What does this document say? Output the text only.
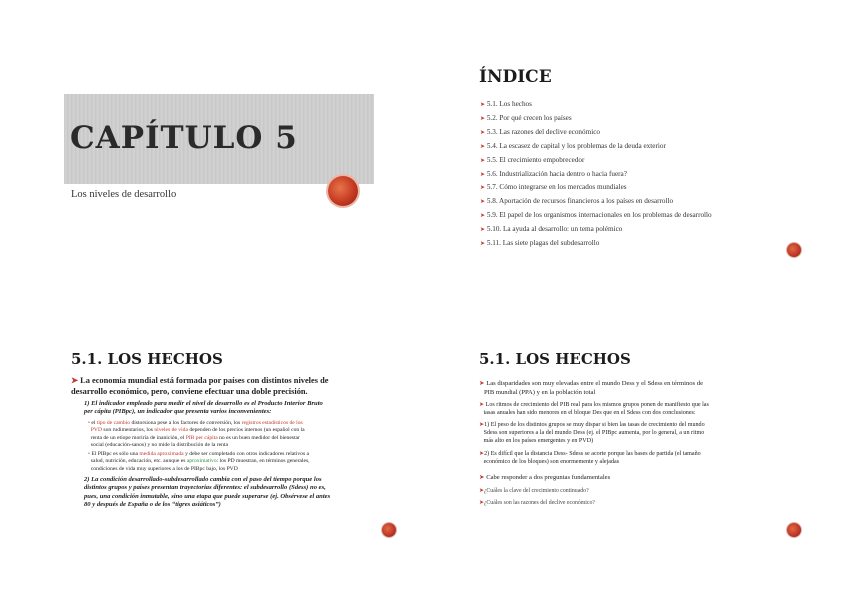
CAPÍTULO 5
Los niveles de desarrollo
ÍNDICE
➤ 5.1. Los hechos
➤ 5.2. Por qué crecen los países
➤ 5.3. Las razones del declive económico
➤ 5.4. La escasez de capital y los problemas de la deuda exterior
➤ 5.5. El crecimiento empobrecedor
➤ 5.6. Industrialización hacia dentro o hacia fuera?
➤ 5.7. Cómo integrarse en los mercados mundiales
➤ 5.8. Aportación de recursos financieros a los países en desarrollo
➤ 5.9. El papel de los organismos internacionales en los problemas de desarrollo
➤ 5.10. La ayuda al desarrollo: un tema polémico
➤ 5.11. Las siete plagas del subdesarrollo
5.1. LOS HECHOS
➤ La economía mundial está formada por países con distintos niveles de
desarrollo económico, pero, conviene efectuar una doble precisión.
1) El indicador empleado para medir el nivel de desarrollo es el Producto Interior Bruto
per cápita (PIBpc), un indicador que presenta varios inconvenientes:
• el tipo de cambio distorsiona pese a los factores de conversión, los registros estadísticos de los
PVD son rudimentarios, los niveles de vida dependen de los precios internos (un español con la
renta de un etíope moriría de inanición, el PIB per cápita no es un buen medidor del bienestar
social (educación-sanos) y no mide la distribución de la renta
• El PIBpc es sólo una medida aproximada y debe ser completado con otros indicadores relativos a
salud, nutrición, educación, etc. aunque es aproximativo: los PD muestran, en términos generales,
condiciones de vida muy superiores a los de PIBpc bajo, los PVD
2) La condición desarrollado-subdesarrollado cambia con el paso del tiempo porque los
distintos grupos y países presentan trayectorias diferentes: el subdesarrollo (Sdess) no es,
pues, una condición inmutable, sino una etapa que puede superarse (ej. Obsérvese el antes
80 y después de España o de los “tigres asiáticos”)
5.1. LOS HECHOS
➤ Las disparidades son muy elevadas entre el mundo Dess y el Sdess en términos de
PIB mundial (PPA) y en la población total
➤ Los ritmos de crecimiento del PIB real para los mismos grupos ponen de manifiesto que las
tasas anuales han sido menores en el bloque Des que en el Sdess con dos conclusiones:
➤1) El peso de los distintos grupos se muy dispar si bien las tasas de crecimiento del mundo
Sdess son superiores a la del mundo Dess (ej. el PIBpc aumenta, por lo general, a un ritmo
más alto en los países emergentes y en PVD)
➤2) Es difícil que la distancia Dess- Sdess se acorte porque las bases de partida (el tamaño
económico de los bloques) son enormemente y alejadas
➤ Cabe responder a dos preguntas fundamentales
➤¿Cuáles la clave del crecimiento continuado?
➤¿Cuáles son las razones del declive económico?
